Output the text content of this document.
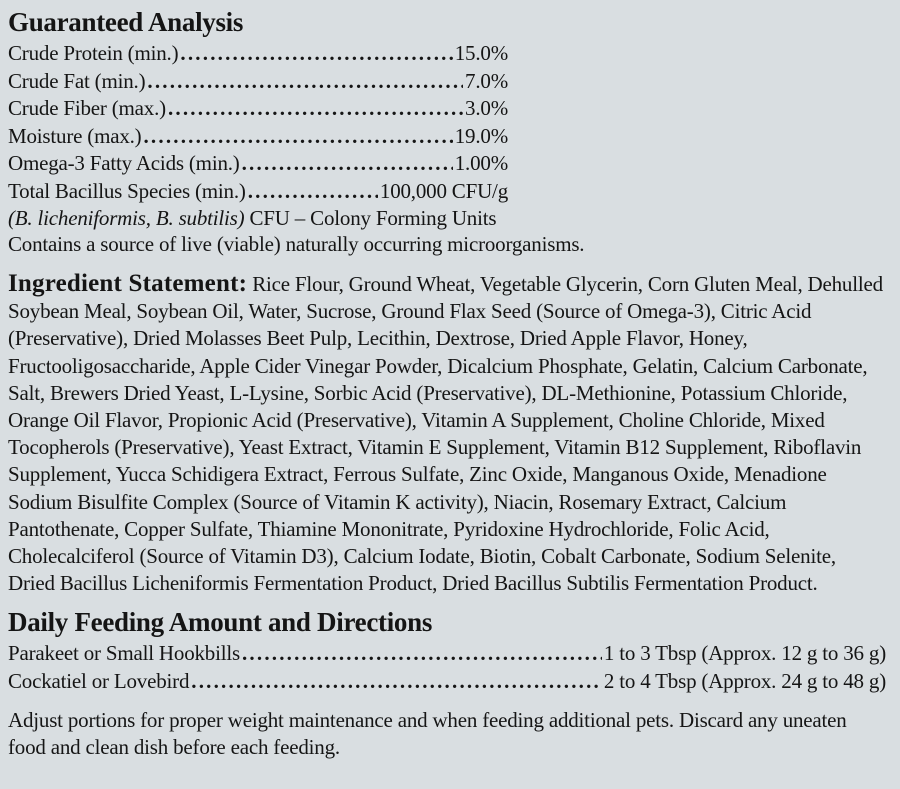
Guaranteed Analysis
Crude Protein (min.) .....	15.0%
Crude Fat (min.) .....	7.0%
Crude Fiber (max.) .....	3.0%
Moisture (max.) .....	19.0%
Omega-3 Fatty Acids (min.) .....	1.00%
Total Bacillus Species (min.) .....	100,000 CFU/g
(B. licheniformis, B. subtilis) CFU – Colony Forming Units
Contains a source of live (viable) naturally occurring microorganisms.

Ingredient Statement: Rice Flour, Ground Wheat, Vegetable Glycerin, Corn Gluten Meal, Dehulled Soybean Meal, Soybean Oil, Water, Sucrose, Ground Flax Seed (Source of Omega-3), Citric Acid (Preservative), Dried Molasses Beet Pulp, Lecithin, Dextrose, Dried Apple Flavor, Honey, Fructooligosaccharide, Apple Cider Vinegar Powder, Dicalcium Phosphate, Gelatin, Calcium Carbonate, Salt, Brewers Dried Yeast, L-Lysine, Sorbic Acid (Preservative), DL-Methionine, Potassium Chloride, Orange Oil Flavor, Propionic Acid (Preservative), Vitamin A Supplement, Choline Chloride, Mixed Tocopherols (Preservative), Yeast Extract, Vitamin E Supplement, Vitamin B12 Supplement, Riboflavin Supplement, Yucca Schidigera Extract, Ferrous Sulfate, Zinc Oxide, Manganous Oxide, Menadione Sodium Bisulfite Complex (Source of Vitamin K activity), Niacin, Rosemary Extract, Calcium Pantothenate, Copper Sulfate, Thiamine Mononitrate, Pyridoxine Hydrochloride, Folic Acid, Cholecalciferol (Source of Vitamin D3), Calcium Iodate, Biotin, Cobalt Carbonate, Sodium Selenite, Dried Bacillus Licheniformis Fermentation Product, Dried Bacillus Subtilis Fermentation Product.

Daily Feeding Amount and Directions
Parakeet or Small Hookbills .....	1 to 3 Tbsp (Approx. 12 g to 36 g)
Cockatiel or Lovebird .....	2 to 4 Tbsp (Approx. 24 g to 48 g)

Adjust portions for proper weight maintenance and when feeding additional pets. Discard any uneaten food and clean dish before each feeding.
